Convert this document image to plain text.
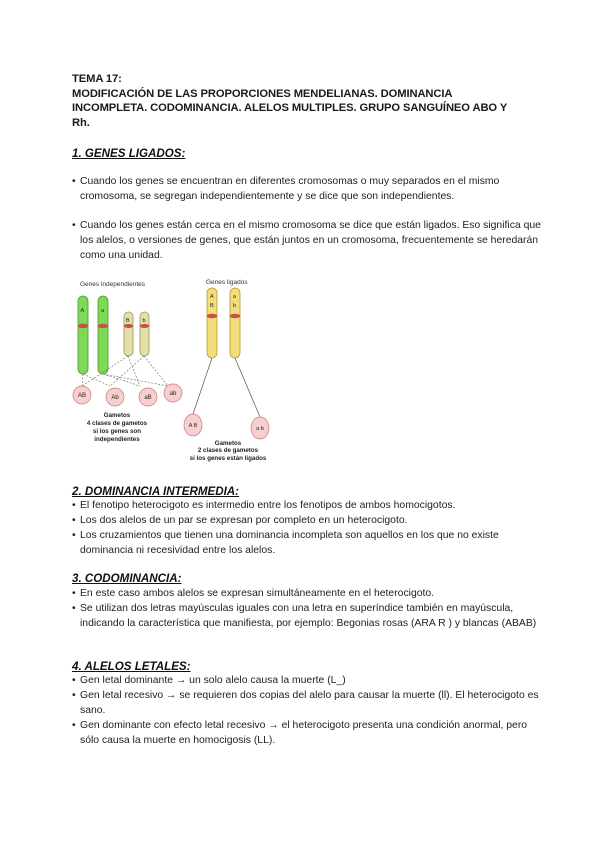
TEMA 17:
MODIFICACIÓN DE LAS PROPORCIONES MENDELIANAS. DOMINANCIA
INCOMPLETA. CODOMINANCIA. ALELOS MULTIPLES. GRUPO SANGUÍNEO ABO Y
Rh.
1. GENES LIGADOS:
• Cuando los genes se encuentran en diferentes cromosomas o muy separados en el mismo cromosoma, se segregan independientemente y se dice que son independientes.
• Cuando los genes están cerca en el mismo cromosoma se dice que están ligados. Eso significa que los alelos, o versiones de genes, que están juntos en un cromosoma, frecuentemente se heredarán como una unidad.
Genes independientes	Genes ligados
A	a
B b
AB	Ab	aB
ab
Gametos
4 clases de gametos
si los genes son
independientes
A
B
a
b
A B	a b
Gametos
2 clases de gametos
si los genes están ligados
2. DOMINANCIA INTERMEDIA:
• El fenotipo heterocigoto es intermedio entre los fenotipos de ambos homocigotos.
• Los dos alelos de un par se expresan por completo en un heterocigoto.
• Los cruzamientos que tienen una dominancia incompleta son aquellos en los que no existe dominancia ni recesividad entre los alelos.
3. CODOMINANCIA:
• En este caso ambos alelos se expresan simultáneamente en el heterocigoto.
• Se utilizan dos letras mayúsculas iguales con una letra en superíndice también en mayúscula, indicando la característica que manifiesta, por ejemplo: Begonias rosas (ARA R ) y blancas (ABAB)
4. ALELOS LETALES:
• Gen letal dominante → un solo alelo causa la muerte (L_)
• Gen letal recesivo → se requieren dos copias del alelo para causar la muerte (ll). El heterocigoto es sano.
• Gen dominante con efecto letal recesivo → el heterocigoto presenta una condición anormal, pero sólo causa la muerte en homocigosis (LL).
